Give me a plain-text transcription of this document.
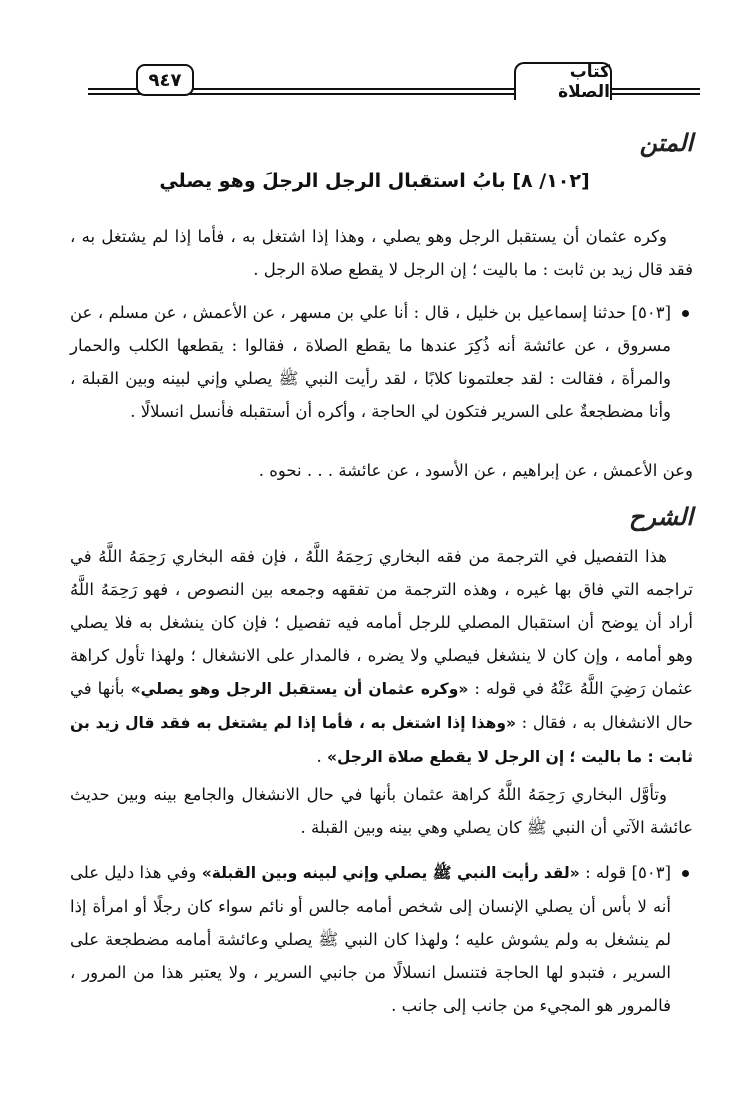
كتاب الصلاة
٩٤٧
المتن
[١٠٢/ ٨] بابُ استقبال الرجل الرجلَ وهو يصلي

وكره عثمان أن يستقبل الرجل وهو يصلي ، وهذا إذا اشتغل به ، فأما إذا لم يشتغل به ، فقد قال زيد بن ثابت : ما باليت ؛ إن الرجل لا يقطع صلاة الرجل .

[٥٠٣] حدثنا إسماعيل بن خليل ، قال : أنا علي بن مسهر ، عن الأعمش ، عن مسلم ، عن مسروق ، عن عائشة أنه ذُكِرَ عندها ما يقطع الصلاة ، فقالوا : يقطعها الكلب والحمار والمرأة ، فقالت : لقد جعلتمونا كلابًا ، لقد رأيت النبي ﷺ يصلي وإني لبينه وبين القبلة ، وأنا مضطجعةٌ على السرير فتكون لي الحاجة ، وأكره أن أستقبله فأنسل انسلالًا .

وعن الأعمش ، عن إبراهيم ، عن الأسود ، عن عائشة . . . نحوه .

الشرح

هذا التفصيل في الترجمة من فقه البخاري رَحِمَهُ اللَّهُ ، فإن فقه البخاري رَحِمَهُ اللَّهُ في تراجمه التي فاق بها غيره ، وهذه الترجمة من تفقهه وجمعه بين النصوص ، فهو رَحِمَهُ اللَّهُ أراد أن يوضح أن استقبال المصلي للرجل أمامه فيه تفصيل ؛ فإن كان ينشغل به فلا يصلي وهو أمامه ، وإن كان لا ينشغل فيصلي ولا يضره ، فالمدار على الانشغال ؛ ولهذا تأول كراهة عثمان رَضِيَ اللَّهُ عَنْهُ في قوله : «وكره عثمان أن يستقبل الرجل وهو يصلي» بأنها في حال الانشغال به ، فقال : «وهذا إذا اشتغل به ، فأما إذا لم يشتغل به فقد قال زيد بن ثابت : ما باليت ؛ إن الرجل لا يقطع صلاة الرجل» .

وتأوَّل البخاري رَحِمَهُ اللَّهُ كراهة عثمان بأنها في حال الانشغال والجامع بينه وبين حديث عائشة الآتي أن النبي ﷺ كان يصلي وهي بينه وبين القبلة .

[٥٠٣] قوله : «لقد رأيت النبي ﷺ يصلي وإني لبينه وبين القبلة» وفي هذا دليل على أنه لا بأس أن يصلي الإنسان إلى شخص أمامه جالس أو نائم سواء كان رجلًا أو امرأة إذا لم ينشغل به ولم يشوش عليه ؛ ولهذا كان النبي ﷺ يصلي وعائشة أمامه مضطجعة على السرير ، فتبدو لها الحاجة فتنسل انسلالًا من جانبي السرير ، ولا يعتبر هذا من المرور ، فالمرور هو المجيء من جانب إلى جانب .
